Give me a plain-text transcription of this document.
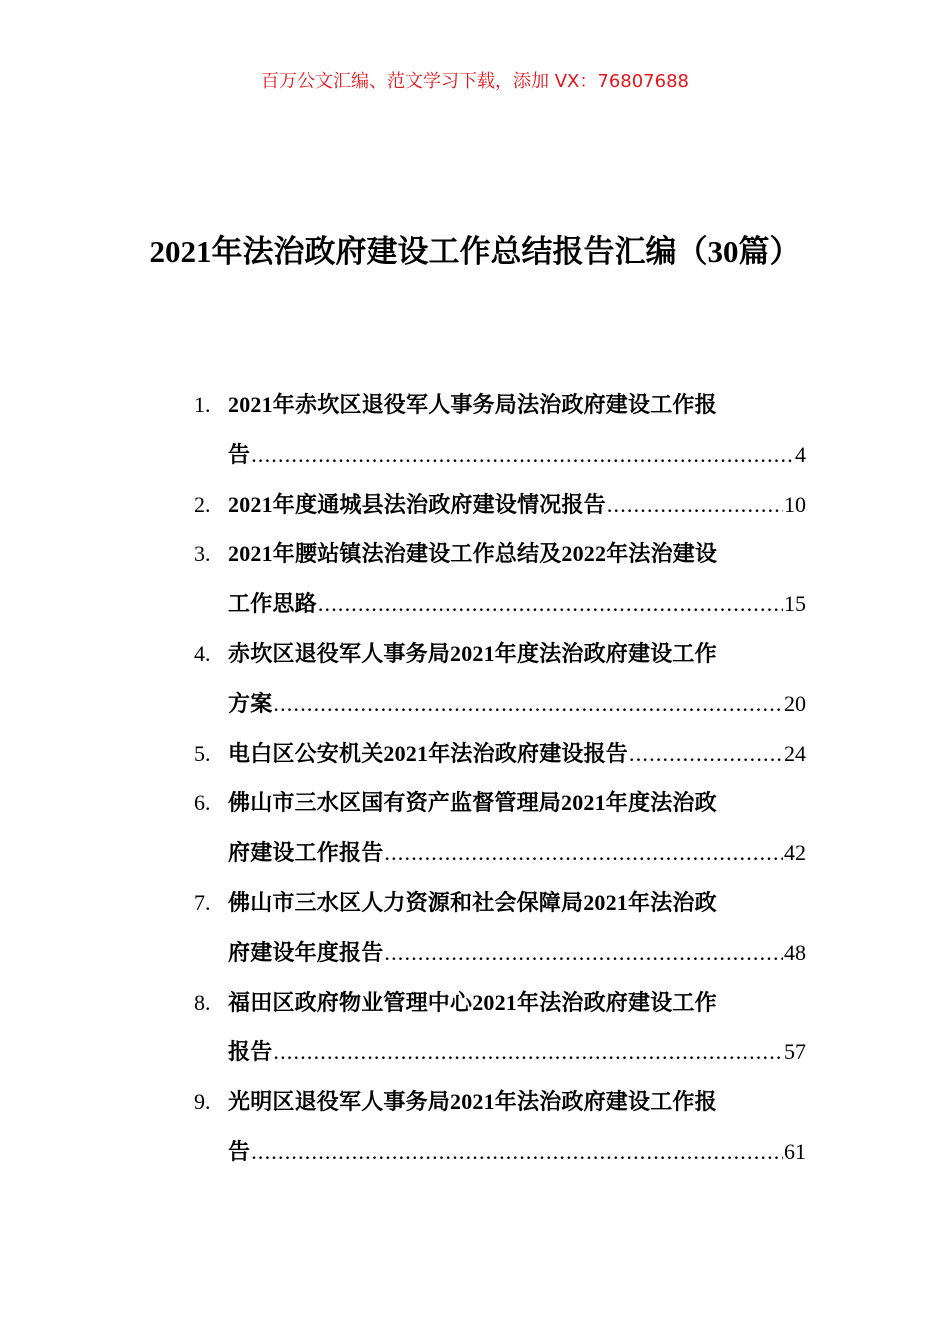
百万公文汇编、范文学习下载，添加 VX：76807688
2021年法治政府建设工作总结报告汇编（30篇）
1. 2021年赤坎区退役军人事务局法治政府建设工作报
告 .....	4
2. 2021年度通城县法治政府建设情况报告 .....	10
3. 2021年腰站镇法治建设工作总结及2022年法治建设
工作思路 .....	15
4. 赤坎区退役军人事务局2021年度法治政府建设工作
方案 .....	20
5. 电白区公安机关2021年法治政府建设报告 .....	24
6. 佛山市三水区国有资产监督管理局2021年度法治政
府建设工作报告 .....	42
7. 佛山市三水区人力资源和社会保障局2021年法治政
府建设年度报告 .....	48
8. 福田区政府物业管理中心2021年法治政府建设工作
报告 .....	57
9. 光明区退役军人事务局2021年法治政府建设工作报
告 .....	61
